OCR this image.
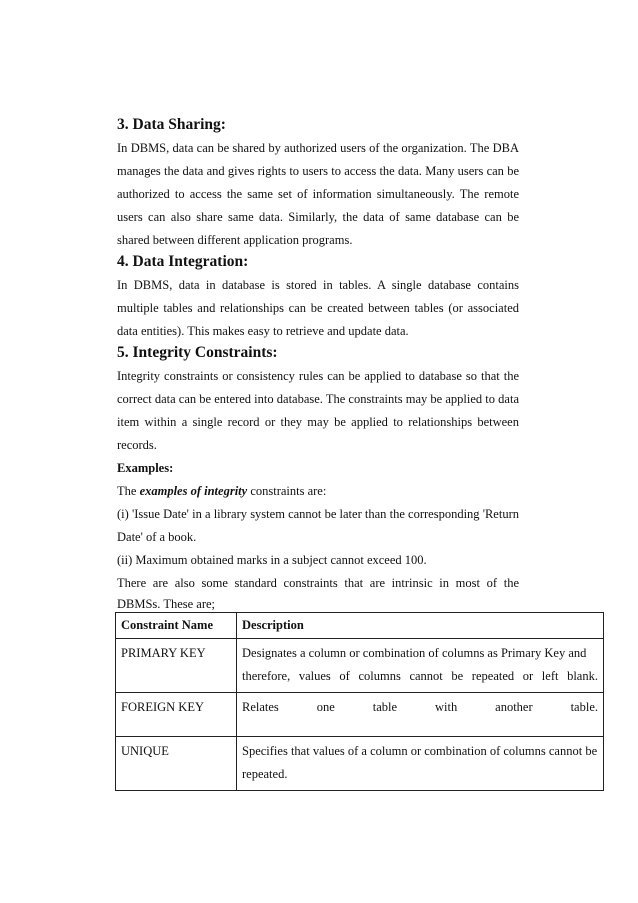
3. Data Sharing:

In DBMS, data can be shared by authorized users of the organization. The DBA

manages the data and gives rights to users to access the data. Many users can be

authorized to access the same set of information simultaneously. The remote

users can also share same data. Similarly, the data of same database can be

shared between different application programs.

4. Data Integration:

In DBMS, data in database is stored in tables. A single database contains

multiple tables and relationships can be created between tables (or associated

data entities). This makes easy to retrieve and update data.

5. Integrity Constraints:

Integrity constraints or consistency rules can be applied to database so that the

correct data can be entered into database. The constraints may be applied to data

item within a single record or they may be applied to relationships between

records.

Examples:

The examples of integrity constraints are:

(i) 'Issue Date' in a library system cannot be later than the corresponding 'Return

Date' of a book.

(ii) Maximum obtained marks in a subject cannot exceed 100.

There are also some standard constraints that are intrinsic in most of the

DBMSs. These are;

Constraint Name	Description
PRIMARY KEY	Designates a column or combination of columns as Primary Key and therefore, values of columns cannot be repeated or left blank.
FOREIGN KEY	Relates one table with another table.
UNIQUE	Specifies that values of a column or combination of columns cannot be repeated.
